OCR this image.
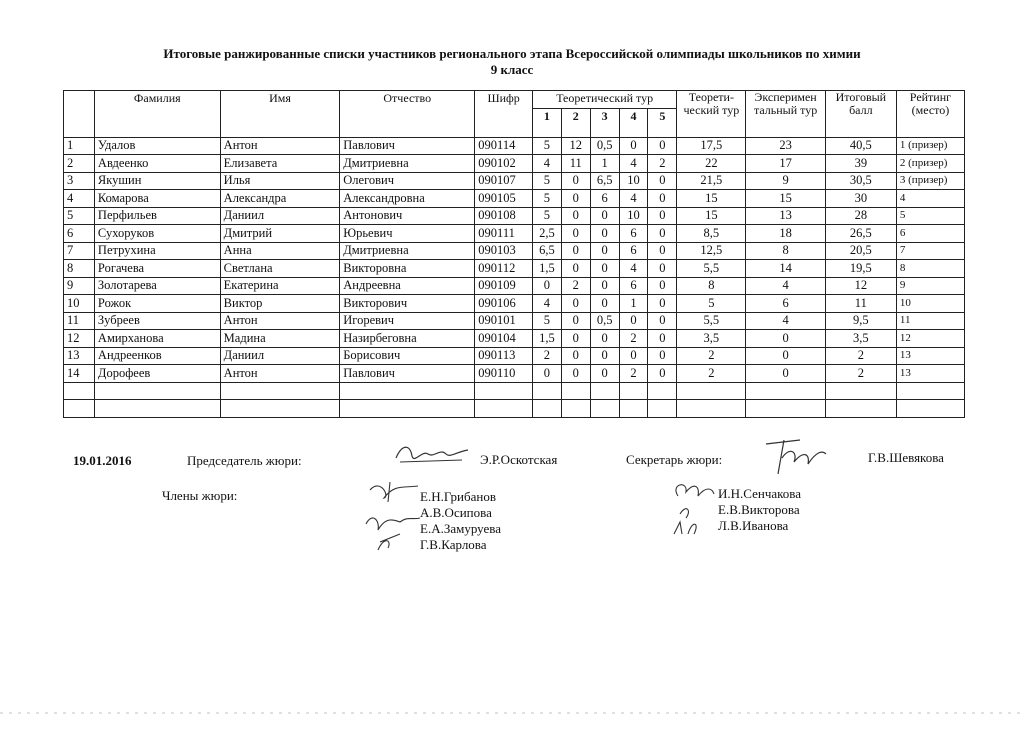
Итоговые ранжированные списки участников регионального этапа Всероссийской олимпиады школьников по химии
9 класс
	Фамилия	Имя	Отчество	Шифр	Теоретический тур					Теорети-ческий тур	Эксперимен тальный тур	Итоговый балл	Рейтинг (место)
					1	2	3	4	5				
1	Удалов	Антон	Павлович	090114	5	12	0,5	0	0	17,5	23	40,5	1 (призер)
2	Авдеенко	Елизавета	Дмитриевна	090102	4	11	1	4	2	22	17	39	2 (призер)
3	Якушин	Илья	Олегович	090107	5	0	6,5	10	0	21,5	9	30,5	3 (призер)
4	Комарова	Александра	Александровна	090105	5	0	6	4	0	15	15	30	4
5	Перфильев	Даниил	Антонович	090108	5	0	0	10	0	15	13	28	5
6	Сухоруков	Дмитрий	Юрьевич	090111	2,5	0	0	6	0	8,5	18	26,5	6
7	Петрухина	Анна	Дмитриевна	090103	6,5	0	0	6	0	12,5	8	20,5	7
8	Рогачева	Светлана	Викторовна	090112	1,5	0	0	4	0	5,5	14	19,5	8
9	Золотарева	Екатерина	Андреевна	090109	0	2	0	6	0	8	4	12	9
10	Рожок	Виктор	Викторович	090106	4	0	0	1	0	5	6	11	10
11	Зубреев	Антон	Игоревич	090101	5	0	0,5	0	0	5,5	4	9,5	11
12	Амирханова	Мадина	Назирбеговна	090104	1,5	0	0	2	0	3,5	0	3,5	12
13	Андреенков	Даниил	Борисович	090113	2	0	0	0	0	2	0	2	13
14	Дорофеев	Антон	Павлович	090110	0	0	0	2	0	2	0	2	13

19.01.2016	Председатель жюри:	Э.Р.Оскотская	Секретарь жюри:	Г.В.Шевякова
Члены жюри:	Е.Н.Грибанов
А.В.Осипова
Е.А.Замуруева
Г.В.Карлова
И.Н.Сенчакова
Е.В.Викторова
Л.В.Иванова
